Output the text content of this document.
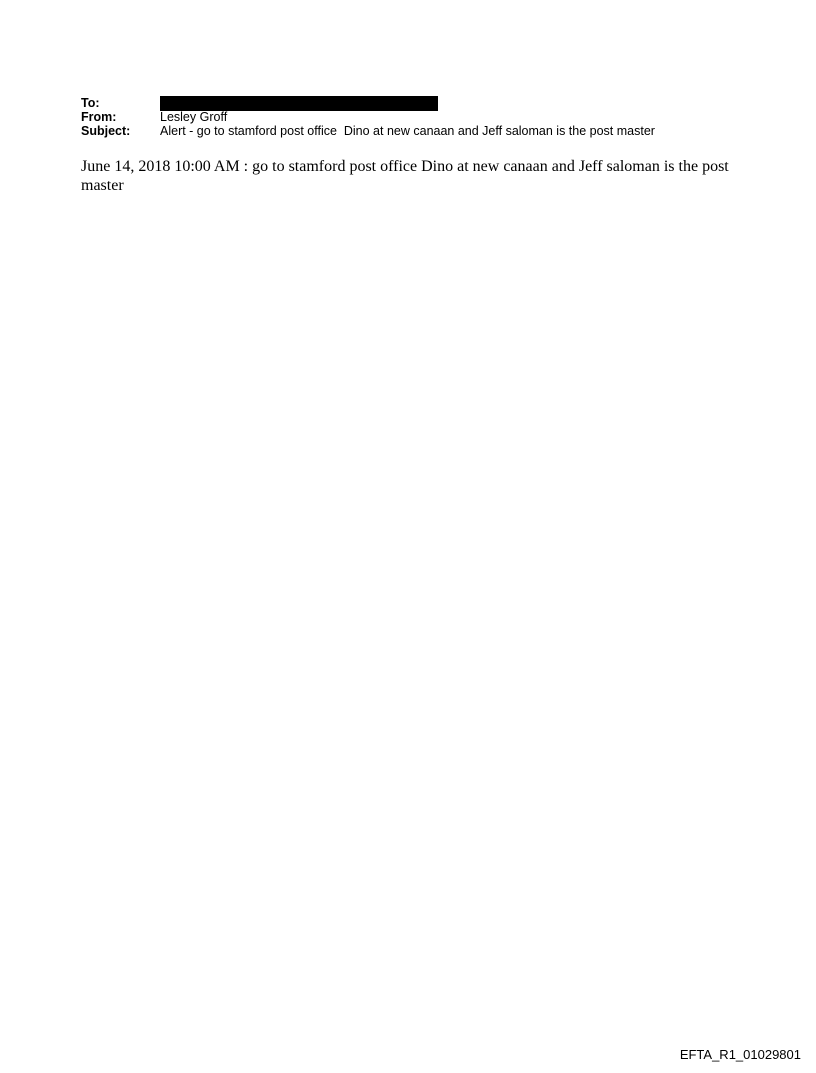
To:
From:	Lesley Groff
Subject:	Alert - go to stamford post office  Dino at new canaan and Jeff saloman is the post master
June 14, 2018 10:00 AM : go to stamford post office Dino at new canaan and Jeff saloman is the post master
EFTA_R1_01029801
